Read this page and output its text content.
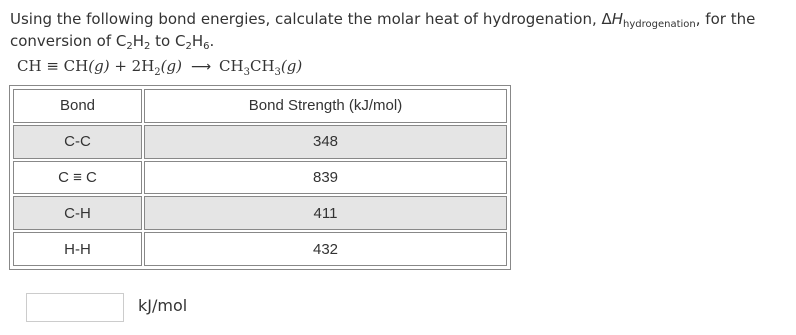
Using the following bond energies, calculate the molar heat of hydrogenation, $\Delta H_{hydrogenation}$, for the conversion of $C_2H_2$ to $C_2H_6$.
CH ≡ $CH(g) + 2H_2(g)$ ⟶ $CH_3CH_3(g)$
Bond	Bond Strength (kJ/mol)
C-C	348
C ≡ C	839
C-H	411
H-H	432
kJ/mol
